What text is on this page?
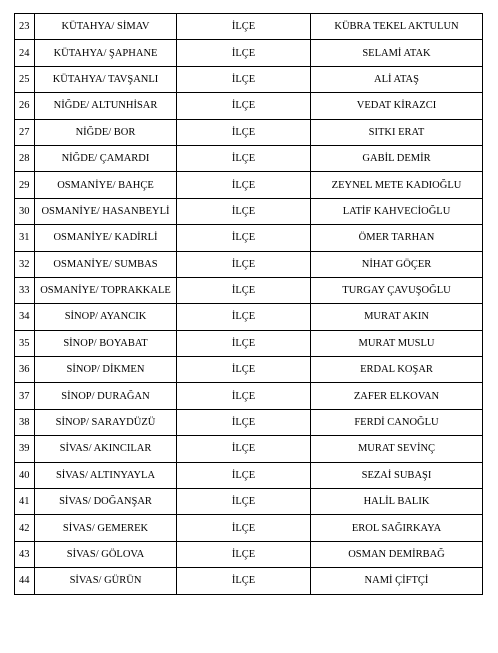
23	KÜTAHYA/ SİMAV	İLÇE	KÜBRA TEKEL AKTULUN
24	KÜTAHYA/ ŞAPHANE	İLÇE	SELAMİ ATAK
25	KÜTAHYA/ TAVŞANLI	İLÇE	ALİ ATAŞ
26	NİĞDE/ ALTUNHİSAR	İLÇE	VEDAT KİRAZCI
27	NİĞDE/ BOR	İLÇE	SITKI ERAT
28	NİĞDE/ ÇAMARDI	İLÇE	GABİL DEMİR
29	OSMANİYE/ BAHÇE	İLÇE	ZEYNEL METE KADIOĞLU
30	OSMANİYE/ HASANBEYLİ	İLÇE	LATİF KAHVECİOĞLU
31	OSMANİYE/ KADİRLİ	İLÇE	ÖMER TARHAN
32	OSMANİYE/ SUMBAS	İLÇE	NİHAT GÖÇER
33	OSMANİYE/ TOPRAKKALE	İLÇE	TURGAY ÇAVUŞOĞLU
34	SİNOP/ AYANCIK	İLÇE	MURAT AKIN
35	SİNOP/ BOYABAT	İLÇE	MURAT MUSLU
36	SİNOP/ DİKMEN	İLÇE	ERDAL KOŞAR
37	SİNOP/ DURAĞAN	İLÇE	ZAFER ELKOVAN
38	SİNOP/ SARAYDÜZÜ	İLÇE	FERDİ CANOĞLU
39	SİVAS/ AKINCILAR	İLÇE	MURAT SEVİNÇ
40	SİVAS/ ALTINYAYLA	İLÇE	SEZAİ SUBAŞI
41	SİVAS/ DOĞANŞAR	İLÇE	HALİL BALIK
42	SİVAS/ GEMEREK	İLÇE	EROL SAĞIRKAYA
43	SİVAS/ GÖLOVA	İLÇE	OSMAN DEMİRBAĞ
44	SİVAS/ GÜRÜN	İLÇE	NAMİ ÇİFTÇİ
